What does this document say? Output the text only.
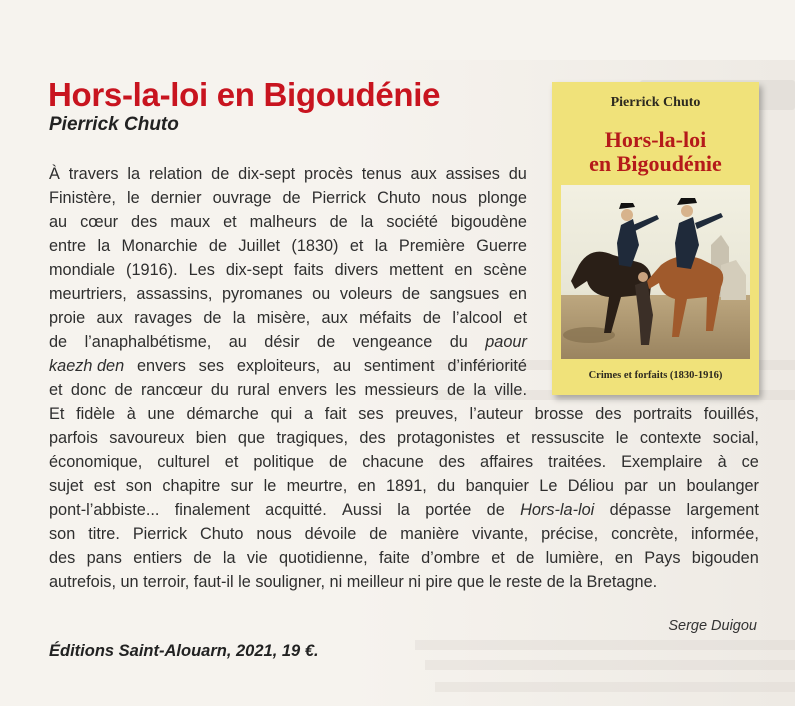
Hors-la-loi en Bigoudénie
Pierrick Chuto
À travers la relation de dix-sept procès tenus aux assises du
Finistère, le dernier ouvrage de Pierrick Chuto nous plonge
au cœur des maux et malheurs de la société bigoudène
entre la Monarchie de Juillet (1830) et la Première Guerre
mondiale (1916). Les dix-sept faits divers mettent en scène
meurtriers, assassins, pyromanes ou voleurs de sangsues en
proie aux ravages de la misère, aux méfaits de l’alcool et
de l’anaphalbétisme, au désir de vengeance du paour
kaezh den envers ses exploiteurs, au sentiment d’infériorité
et donc de rancœur du rural envers les messieurs de la ville.
Et fidèle à une démarche qui a fait ses preuves, l’auteur brosse des portraits fouillés,
parfois savoureux bien que tragiques, des protagonistes et ressuscite le contexte social,
économique, culturel et politique de chacune des affaires traitées. Exemplaire à ce
sujet est son chapitre sur le meurtre, en 1891, du banquier Le Déliou par un boulanger
pont-l’abbiste... finalement acquitté. Aussi la portée de Hors-la-loi dépasse largement
son titre. Pierrick Chuto nous dévoile de manière vivante, précise, concrète, informée,
des pans entiers de la vie quotidienne, faite d’ombre et de lumière, en Pays bigouden
autrefois, un terroir, faut-il le souligner, ni meilleur ni pire que le reste de la Bretagne.
Serge Duigou
Éditions Saint-Alouarn, 2021, 19 €.
Pierrick Chuto
Hors-la-loi
en Bigoudénie
Crimes et forfaits (1830-1916)
